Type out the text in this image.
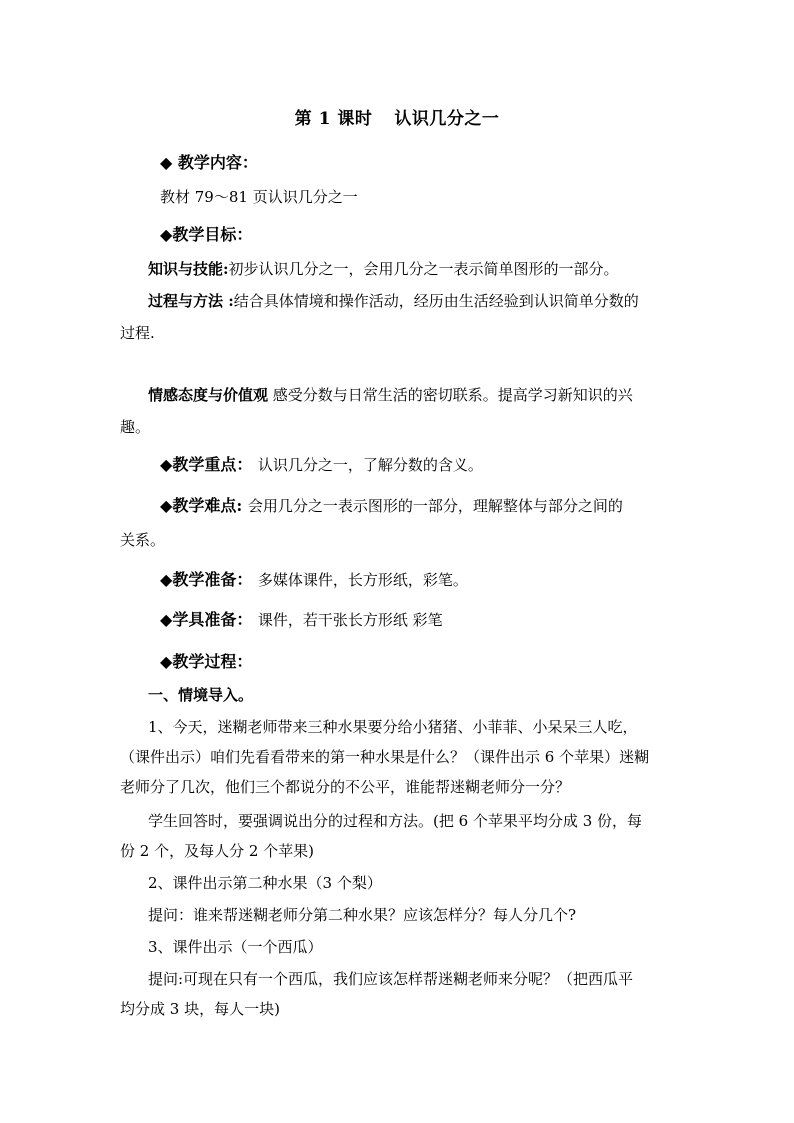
第 1 课时 认识几分之一
◆ 教学内容：
教材 79～81 页认识几分之一
◆教学目标：
知识与技能:初步认识几分之一，会用几分之一表示简单图形的一部分。
过程与方法 :结合具体情境和操作活动，经历由生活经验到认识简单分数的
过程.
情感态度与价值观 感受分数与日常生活的密切联系。提高学习新知识的兴
趣。
◆教学重点： 认识几分之一，了解分数的含义。
◆教学难点: 会用几分之一表示图形的一部分，理解整体与部分之间的
关系。
◆教学准备： 多媒体课件，长方形纸，彩笔。
◆学具准备： 课件，若干张长方形纸 彩笔
◆教学过程：
一、情境导入。
1、今天，迷糊老师带来三种水果要分给小猪猪、小菲菲、小呆呆三人吃，
（课件出示）咱们先看看带来的第一种水果是什么？（课件出示 6 个苹果）迷糊
老师分了几次，他们三个都说分的不公平，谁能帮迷糊老师分一分？
学生回答时，要强调说出分的过程和方法。(把 6 个苹果平均分成 3 份，每
份 2 个，及每人分 2 个苹果)
2、课件出示第二种水果（3 个梨）
提问：谁来帮迷糊老师分第二种水果？应该怎样分？每人分几个?
3、课件出示（一个西瓜）
提问:可现在只有一个西瓜，我们应该怎样帮迷糊老师来分呢？（把西瓜平
均分成 3 块，每人一块)
